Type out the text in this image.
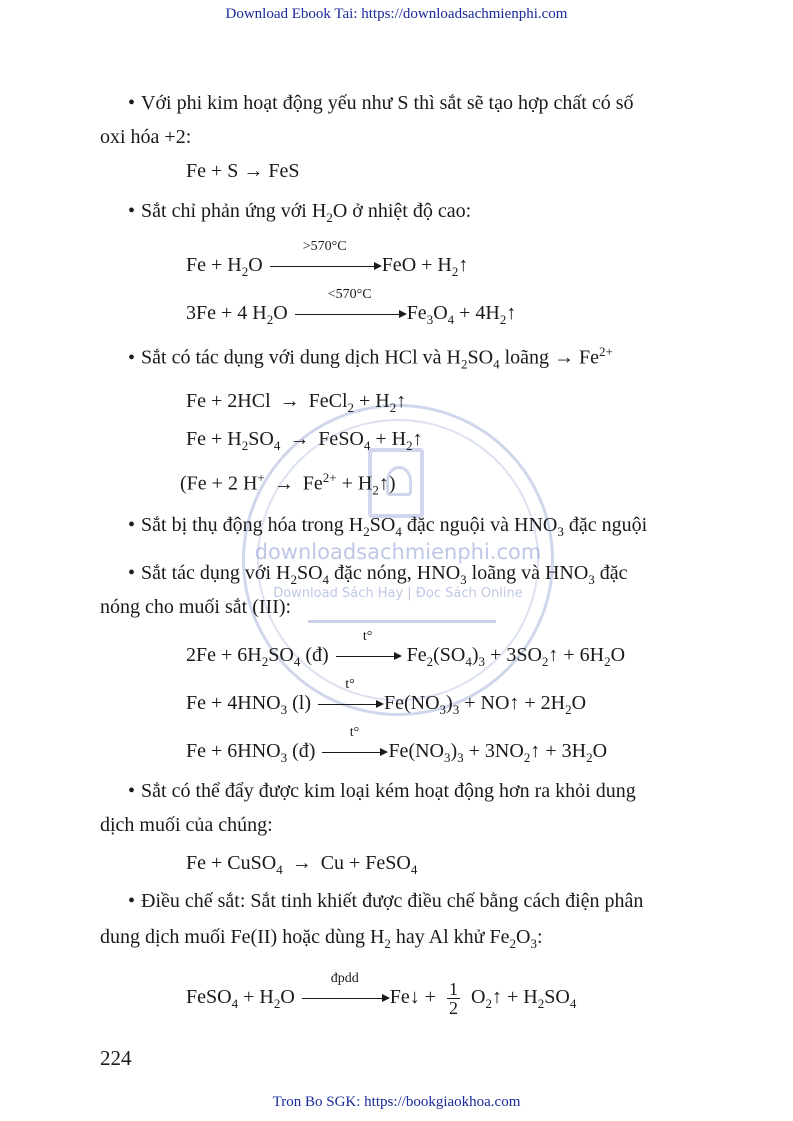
Download Ebook Tai: https://downloadsachmienphi.com
downloadsachmienphi.com
Download Sách Hay | Đọc Sách Online
• Với phi kim hoạt động yếu như S thì sắt sẽ tạo hợp chất có số
oxi hóa +2:
Fe + S → FeS
• Sắt chỉ phản ứng với $H_2O$ ở nhiệt độ cao:
$Fe + H_2O$
>570°C
FeO + $H_2↑$
3Fe + 4 $H_2O$
<570°C
$Fe_3O_4$ + $4H_2↑$
• Sắt có tác dụng với dung dịch HCl và $H_2SO_4$ loãng → $Fe^{2+}$
Fe + 2HCl → FeCl$_2$ + $H_2↑$
$Fe + H_2SO_4$ → FeSO$_4$ + $H_2↑$
(Fe + 2 $H^+ \to Fe^{2+}$ + $H_2↑$)
• Sắt bị thụ động hóa trong $H_2SO_4$ đặc nguội và $HNO_3$ đặc nguội
• Sắt tác dụng với $H_2SO_4$ đặc nóng, $HNO_3$ loãng và $HNO_3$ đặc
nóng cho muối sắt (III):
$2Fe + 6H_2SO_4$ (đ)
t°
$Fe_2(SO_4)_3$ + $3SO_2↑ + 6H_2O$
$Fe + 4HNO_3$ (l)
t°
$Fe(NO_3)_3$ + NO↑ + $2H_2O$
$Fe + 6HNO_3$ (đ)
t°
$Fe(NO_3)_3$ + $3NO_2↑ + 3H_2O$
• Sắt có thể đẩy được kim loại kém hoạt động hơn ra khỏi dung
dịch muối của chúng:
Fe + CuSO$_4$ → Cu + FeSO$_4$
• Điều chế sắt: Sắt tinh khiết được điều chế bằng cách điện phân
dung dịch muối Fe(II) hoặc dùng $H_2$ hay Al khử $Fe_2O_3$:
FeSO$_4$ + $H_2O$
đpdd
Fe↓ + $\frac{1}{2}$ $O_2↑ + H_2SO_4$
224
Tron Bo SGK: https://bookgiaokhoa.com
